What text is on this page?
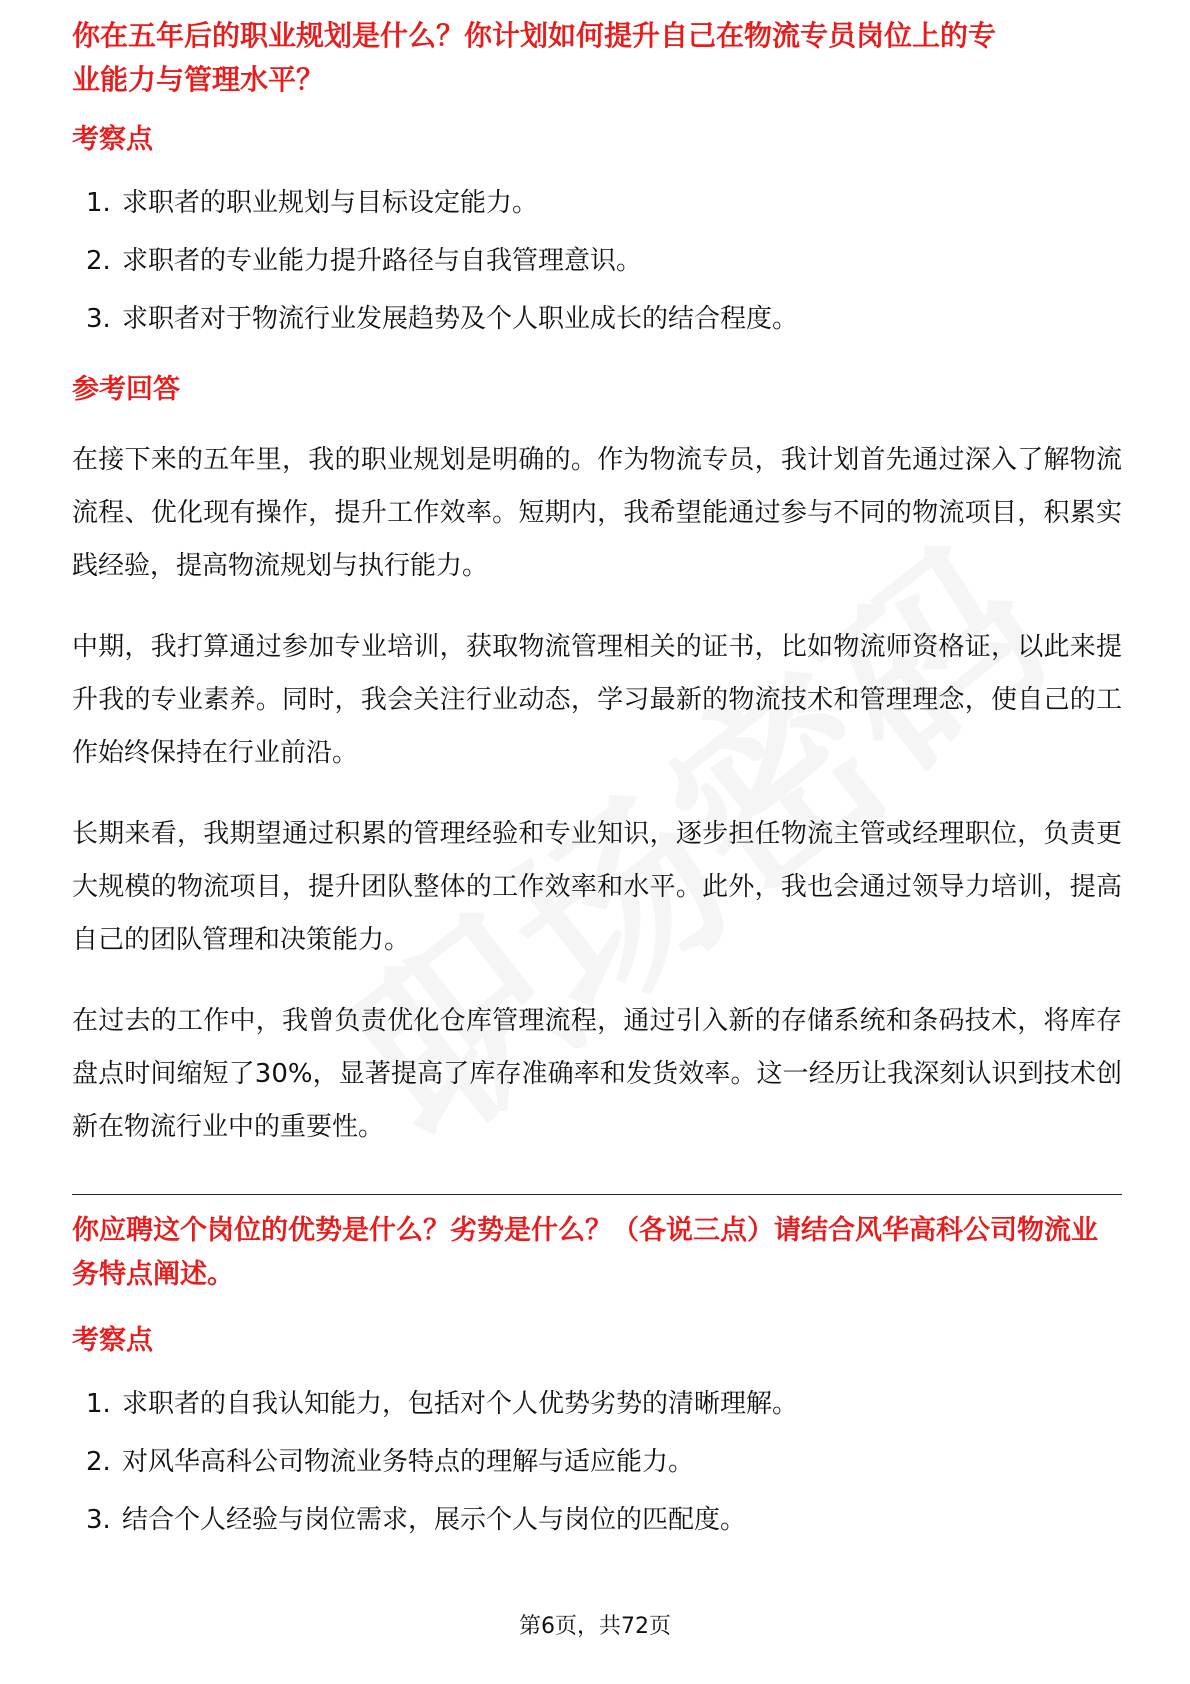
你在五年后的职业规划是什么？你计划如何提升自己在物流专员岗位上的专
业能力与管理水平？

考察点

1. 求职者的职业规划与目标设定能力。
2. 求职者的专业能力提升路径与自我管理意识。
3. 求职者对于物流行业发展趋势及个人职业成长的结合程度。

参考回答

在接下来的五年里，我的职业规划是明确的。作为物流专员，我计划首先通过深入了解物流流程、优化现有操作，提升工作效率。短期内，我希望能通过参与不同的物流项目，积累实践经验，提高物流规划与执行能力。

中期，我打算通过参加专业培训，获取物流管理相关的证书，比如物流师资格证，以此来提升我的专业素养。同时，我会关注行业动态，学习最新的物流技术和管理理念，使自己的工作始终保持在行业前沿。

长期来看，我期望通过积累的管理经验和专业知识，逐步担任物流主管或经理职位，负责更大规模的物流项目，提升团队整体的工作效率和水平。此外，我也会通过领导力培训，提高自己的团队管理和决策能力。

在过去的工作中，我曾负责优化仓库管理流程，通过引入新的存储系统和条码技术，将库存盘点时间缩短了30%，显著提高了库存准确率和发货效率。这一经历让我深刻认识到技术创新在物流行业中的重要性。

你应聘这个岗位的优势是什么？劣势是什么？（各说三点）请结合风华高科公司物流业务特点阐述。

考察点

1. 求职者的自我认知能力，包括对个人优势劣势的清晰理解。
2. 对风华高科公司物流业务特点的理解与适应能力。
3. 结合个人经验与岗位需求，展示个人与岗位的匹配度。
第6页，共72页
